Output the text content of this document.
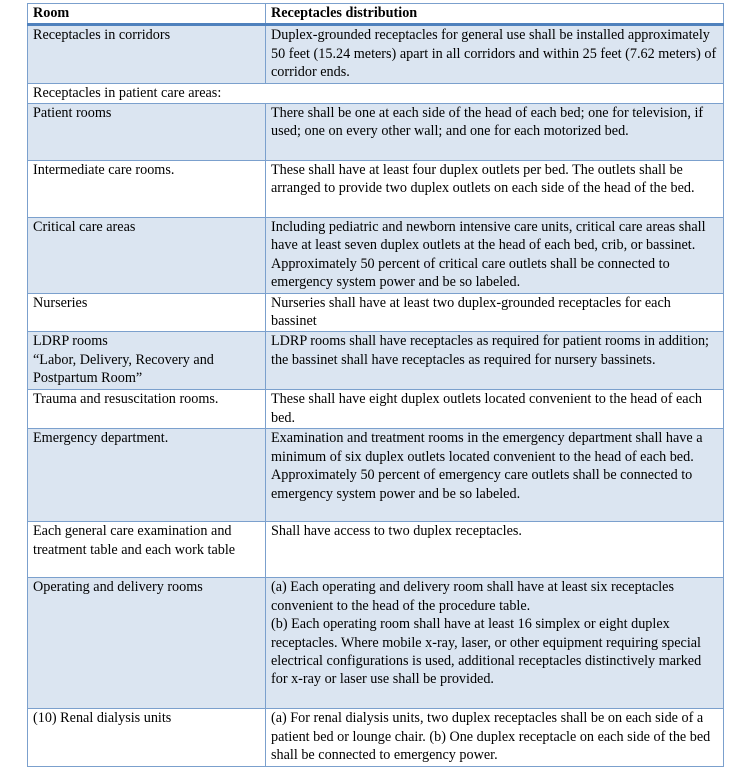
Room	Receptacles distribution
Receptacles in corridors	Duplex-grounded receptacles for general use shall be installed approximately 50 feet (15.24 meters) apart in all corridors and within 25 feet (7.62 meters) of corridor ends.
Receptacles in patient care areas:	
Patient rooms	There shall be one at each side of the head of each bed; one for television, if used; one on every other wall; and one for each motorized bed.
Intermediate care rooms.	These shall have at least four duplex outlets per bed. The outlets shall be arranged to provide two duplex outlets on each side of the head of the bed.
Critical care areas	Including pediatric and newborn intensive care units, critical care areas shall have at least seven duplex outlets at the head of each bed, crib, or bassinet. Approximately 50 percent of critical care outlets shall be connected to emergency system power and be so labeled.
Nurseries	Nurseries shall have at least two duplex-grounded receptacles for each bassinet
LDRP rooms
“Labor, Delivery, Recovery and Postpartum Room”	LDRP rooms shall have receptacles as required for patient rooms in addition; the bassinet shall have receptacles as required for nursery bassinets.
Trauma and resuscitation rooms.	These shall have eight duplex outlets located convenient to the head of each bed.
Emergency department.	Examination and treatment rooms in the emergency department shall have a minimum of six duplex outlets located convenient to the head of each bed. Approximately 50 percent of emergency care outlets shall be connected to emergency system power and be so labeled.
Each general care examination and treatment table and each work table	Shall have access to two duplex receptacles.
Operating and delivery rooms	(a) Each operating and delivery room shall have at least six receptacles convenient to the head of the procedure table.
(b) Each operating room shall have at least 16 simplex or eight duplex receptacles. Where mobile x-ray, laser, or other equipment requiring special electrical configurations is used, additional receptacles distinctively marked for x-ray or laser use shall be provided.
(10) Renal dialysis units	(a) For renal dialysis units, two duplex receptacles shall be on each side of a patient bed or lounge chair. (b) One duplex receptacle on each side of the bed shall be connected to emergency power.
